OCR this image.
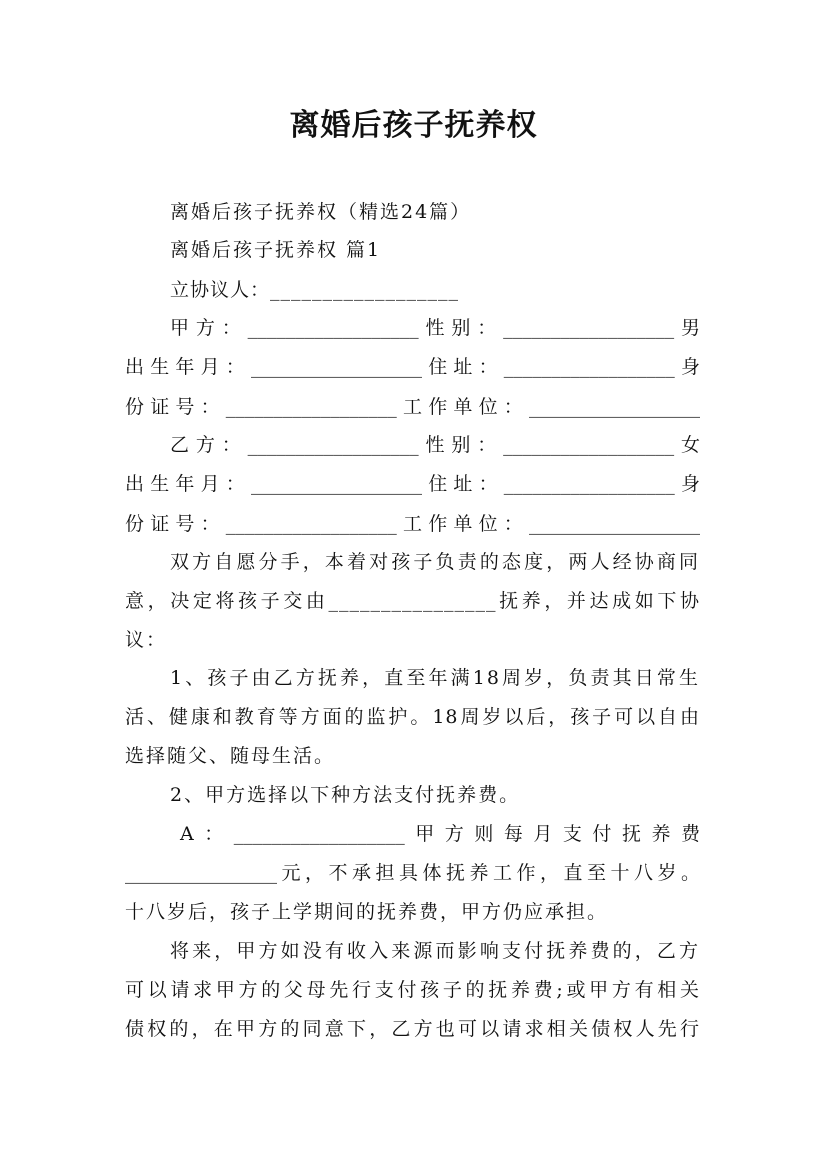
离婚后孩子抚养权
离婚后孩子抚养权（精选24篇）
离婚后孩子抚养权 篇1
立协议人：__________________
甲方：__________________性别：__________________男
出生年月：__________________住址：__________________身
份证号：__________________工作单位：__________________
乙方：__________________性别：__________________女
出生年月：__________________住址：__________________身
份证号：__________________工作单位：__________________
双方自愿分手，本着对孩子负责的态度，两人经协商同
意，决定将孩子交由________________抚养，并达成如下协
议：
1、孩子由乙方抚养，直至年满18周岁，负责其日常生
活、健康和教育等方面的监护。18周岁以后，孩子可以自由
选择随父、随母生活。
2、甲方选择以下种方法支付抚养费。
A：__________________甲方则每月支付抚养费
________________元，不承担具体抚养工作，直至十八岁。
十八岁后，孩子上学期间的抚养费，甲方仍应承担。
将来，甲方如没有收入来源而影响支付抚养费的，乙方
可以请求甲方的父母先行支付孩子的抚养费;或甲方有相关
债权的，在甲方的同意下，乙方也可以请求相关债权人先行
